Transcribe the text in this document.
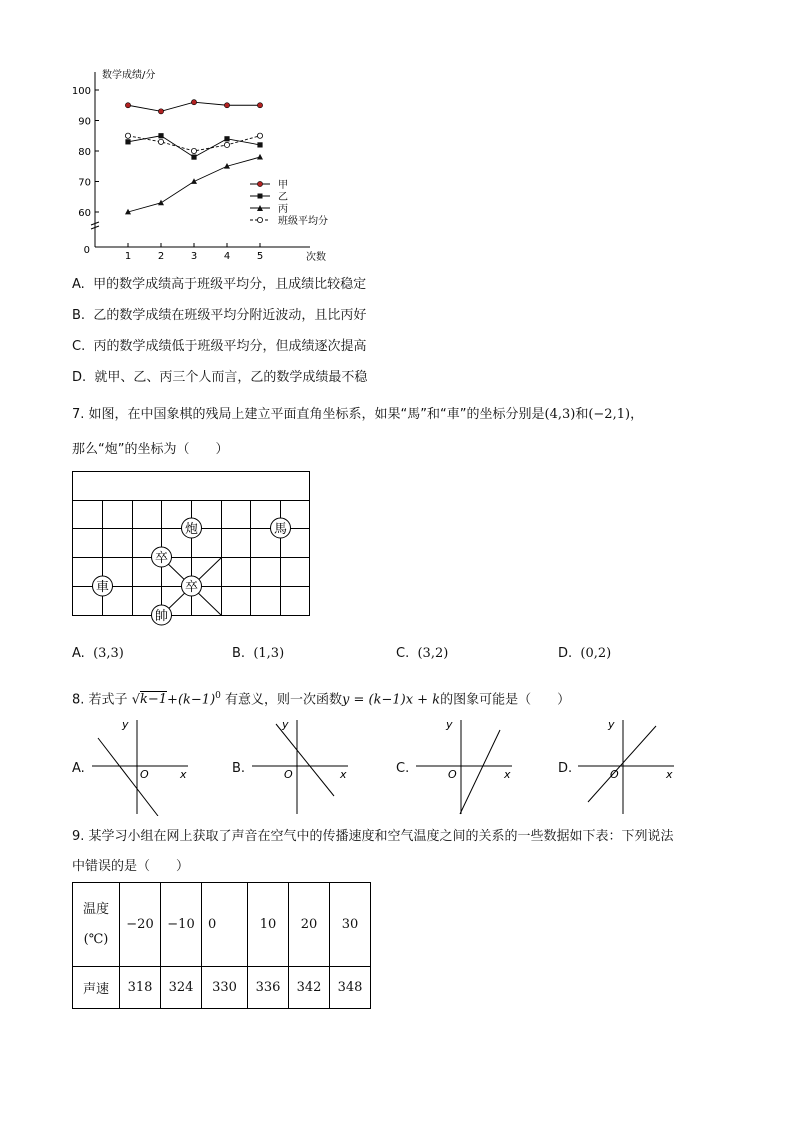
数学成绩/分
次数
0
60
70
80
90
100
1	2	3	4	5
甲
乙
丙
班级平均分
A. 甲的数学成绩高于班级平均分，且成绩比较稳定
B. 乙的数学成绩在班级平均分附近波动，且比丙好
C. 丙的数学成绩低于班级平均分，但成绩逐次提高
D. 就甲、乙、丙三个人而言，乙的数学成绩最不稳
7. 如图，在中国象棋的残局上建立平面直角坐标系，如果“馬”和“車”的坐标分别是(4,3)和(−2,1)，
那么“炮”的坐标为（　　）
炮	馬
卒
卒
車
帥
A. (3,3)	B. (1,3)	C. (3,2)	D. (0,2)
8. 若式子 $√k-1+(k-1)^0$ 有意义，则一次函数y = (k−1)x + k的图象可能是（　　）
A.
y
x
O	B.
y
x
O	C.
y
x
O	D.
y
x
O
9. 某学习小组在网上获取了声音在空气中的传播速度和空气温度之间的关系的一些数据如下表：下列说法
中错误的是（　　）
温度
(℃)	−20	−10	0	10	20	30
声速	318	324	330	336	342	348
